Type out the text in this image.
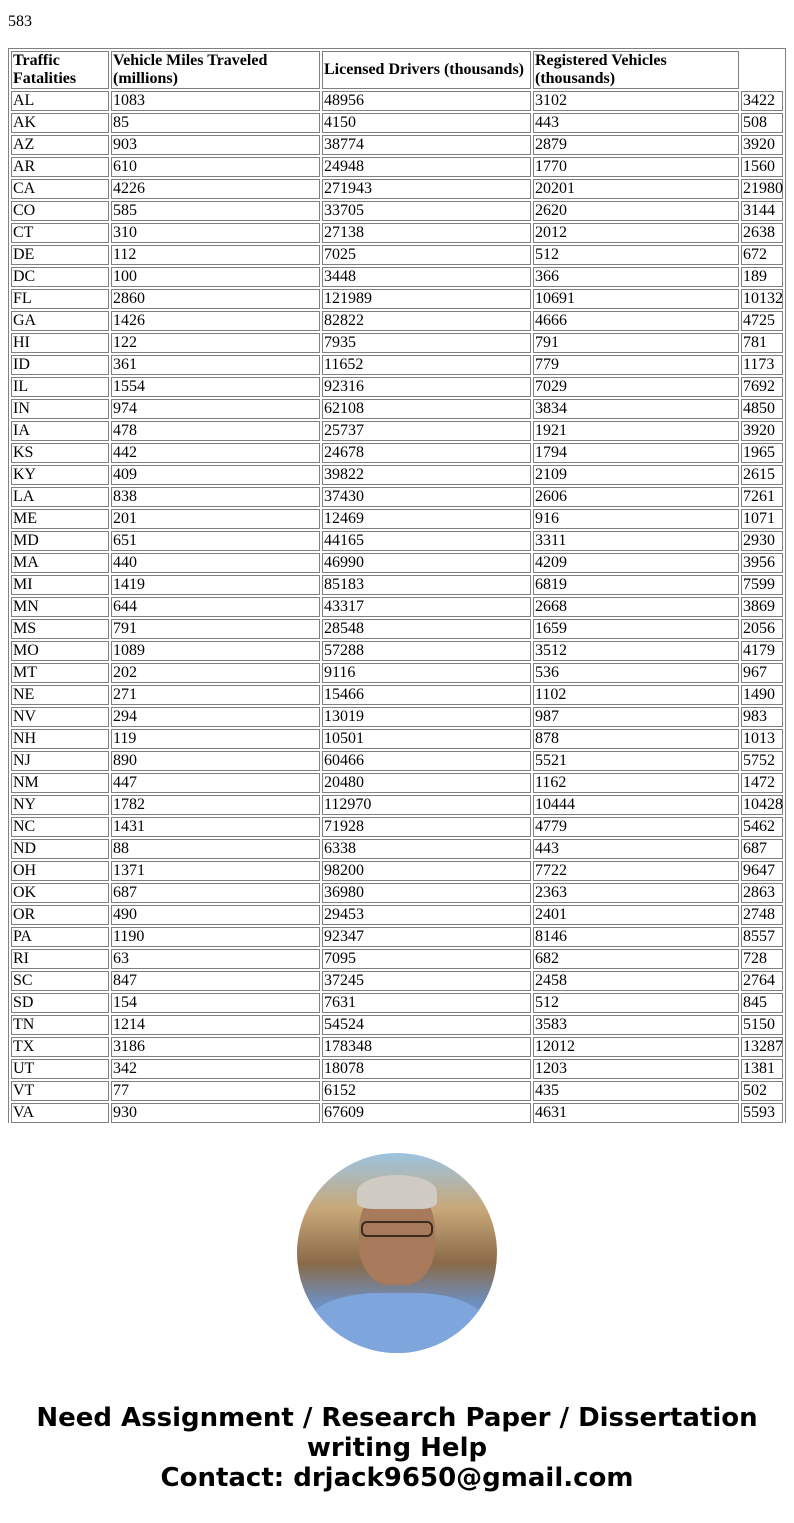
583
Traffic Fatalities	Vehicle Miles Traveled (millions)	Licensed Drivers (thousands)	Registered Vehicles (thousands)	
AL	1083	48956	3102	3422
AK	85	4150	443	508
AZ	903	38774	2879	3920
AR	610	24948	1770	1560
CA	4226	271943	20201	21980
CO	585	33705	2620	3144
CT	310	27138	2012	2638
DE	112	7025	512	672
DC	100	3448	366	189
FL	2860	121989	10691	10132
GA	1426	82822	4666	4725
HI	122	7935	791	781
ID	361	11652	779	1173
IL	1554	92316	7029	7692
IN	974	62108	3834	4850
IA	478	25737	1921	3920
KS	442	24678	1794	1965
KY	409	39822	2109	2615
LA	838	37430	2606	7261
ME	201	12469	916	1071
MD	651	44165	3311	2930
MA	440	46990	4209	3956
MI	1419	85183	6819	7599
MN	644	43317	2668	3869
MS	791	28548	1659	2056
MO	1089	57288	3512	4179
MT	202	9116	536	967
NE	271	15466	1102	1490
NV	294	13019	987	983
NH	119	10501	878	1013
NJ	890	60466	5521	5752
NM	447	20480	1162	1472
NY	1782	112970	10444	10428
NC	1431	71928	4779	5462
ND	88	6338	443	687
OH	1371	98200	7722	9647
OK	687	36980	2363	2863
OR	490	29453	2401	2748
PA	1190	92347	8146	8557
RI	63	7095	682	728
SC	847	37245	2458	2764
SD	154	7631	512	845
TN	1214	54524	3583	5150
TX	3186	178348	12012	13287
UT	342	18078	1203	1381
VT	77	6152	435	502
VA	930	67609	4631	5593
Need Assignment / Research Paper / Dissertation
writing Help
Contact: drjack9650@gmail.com
